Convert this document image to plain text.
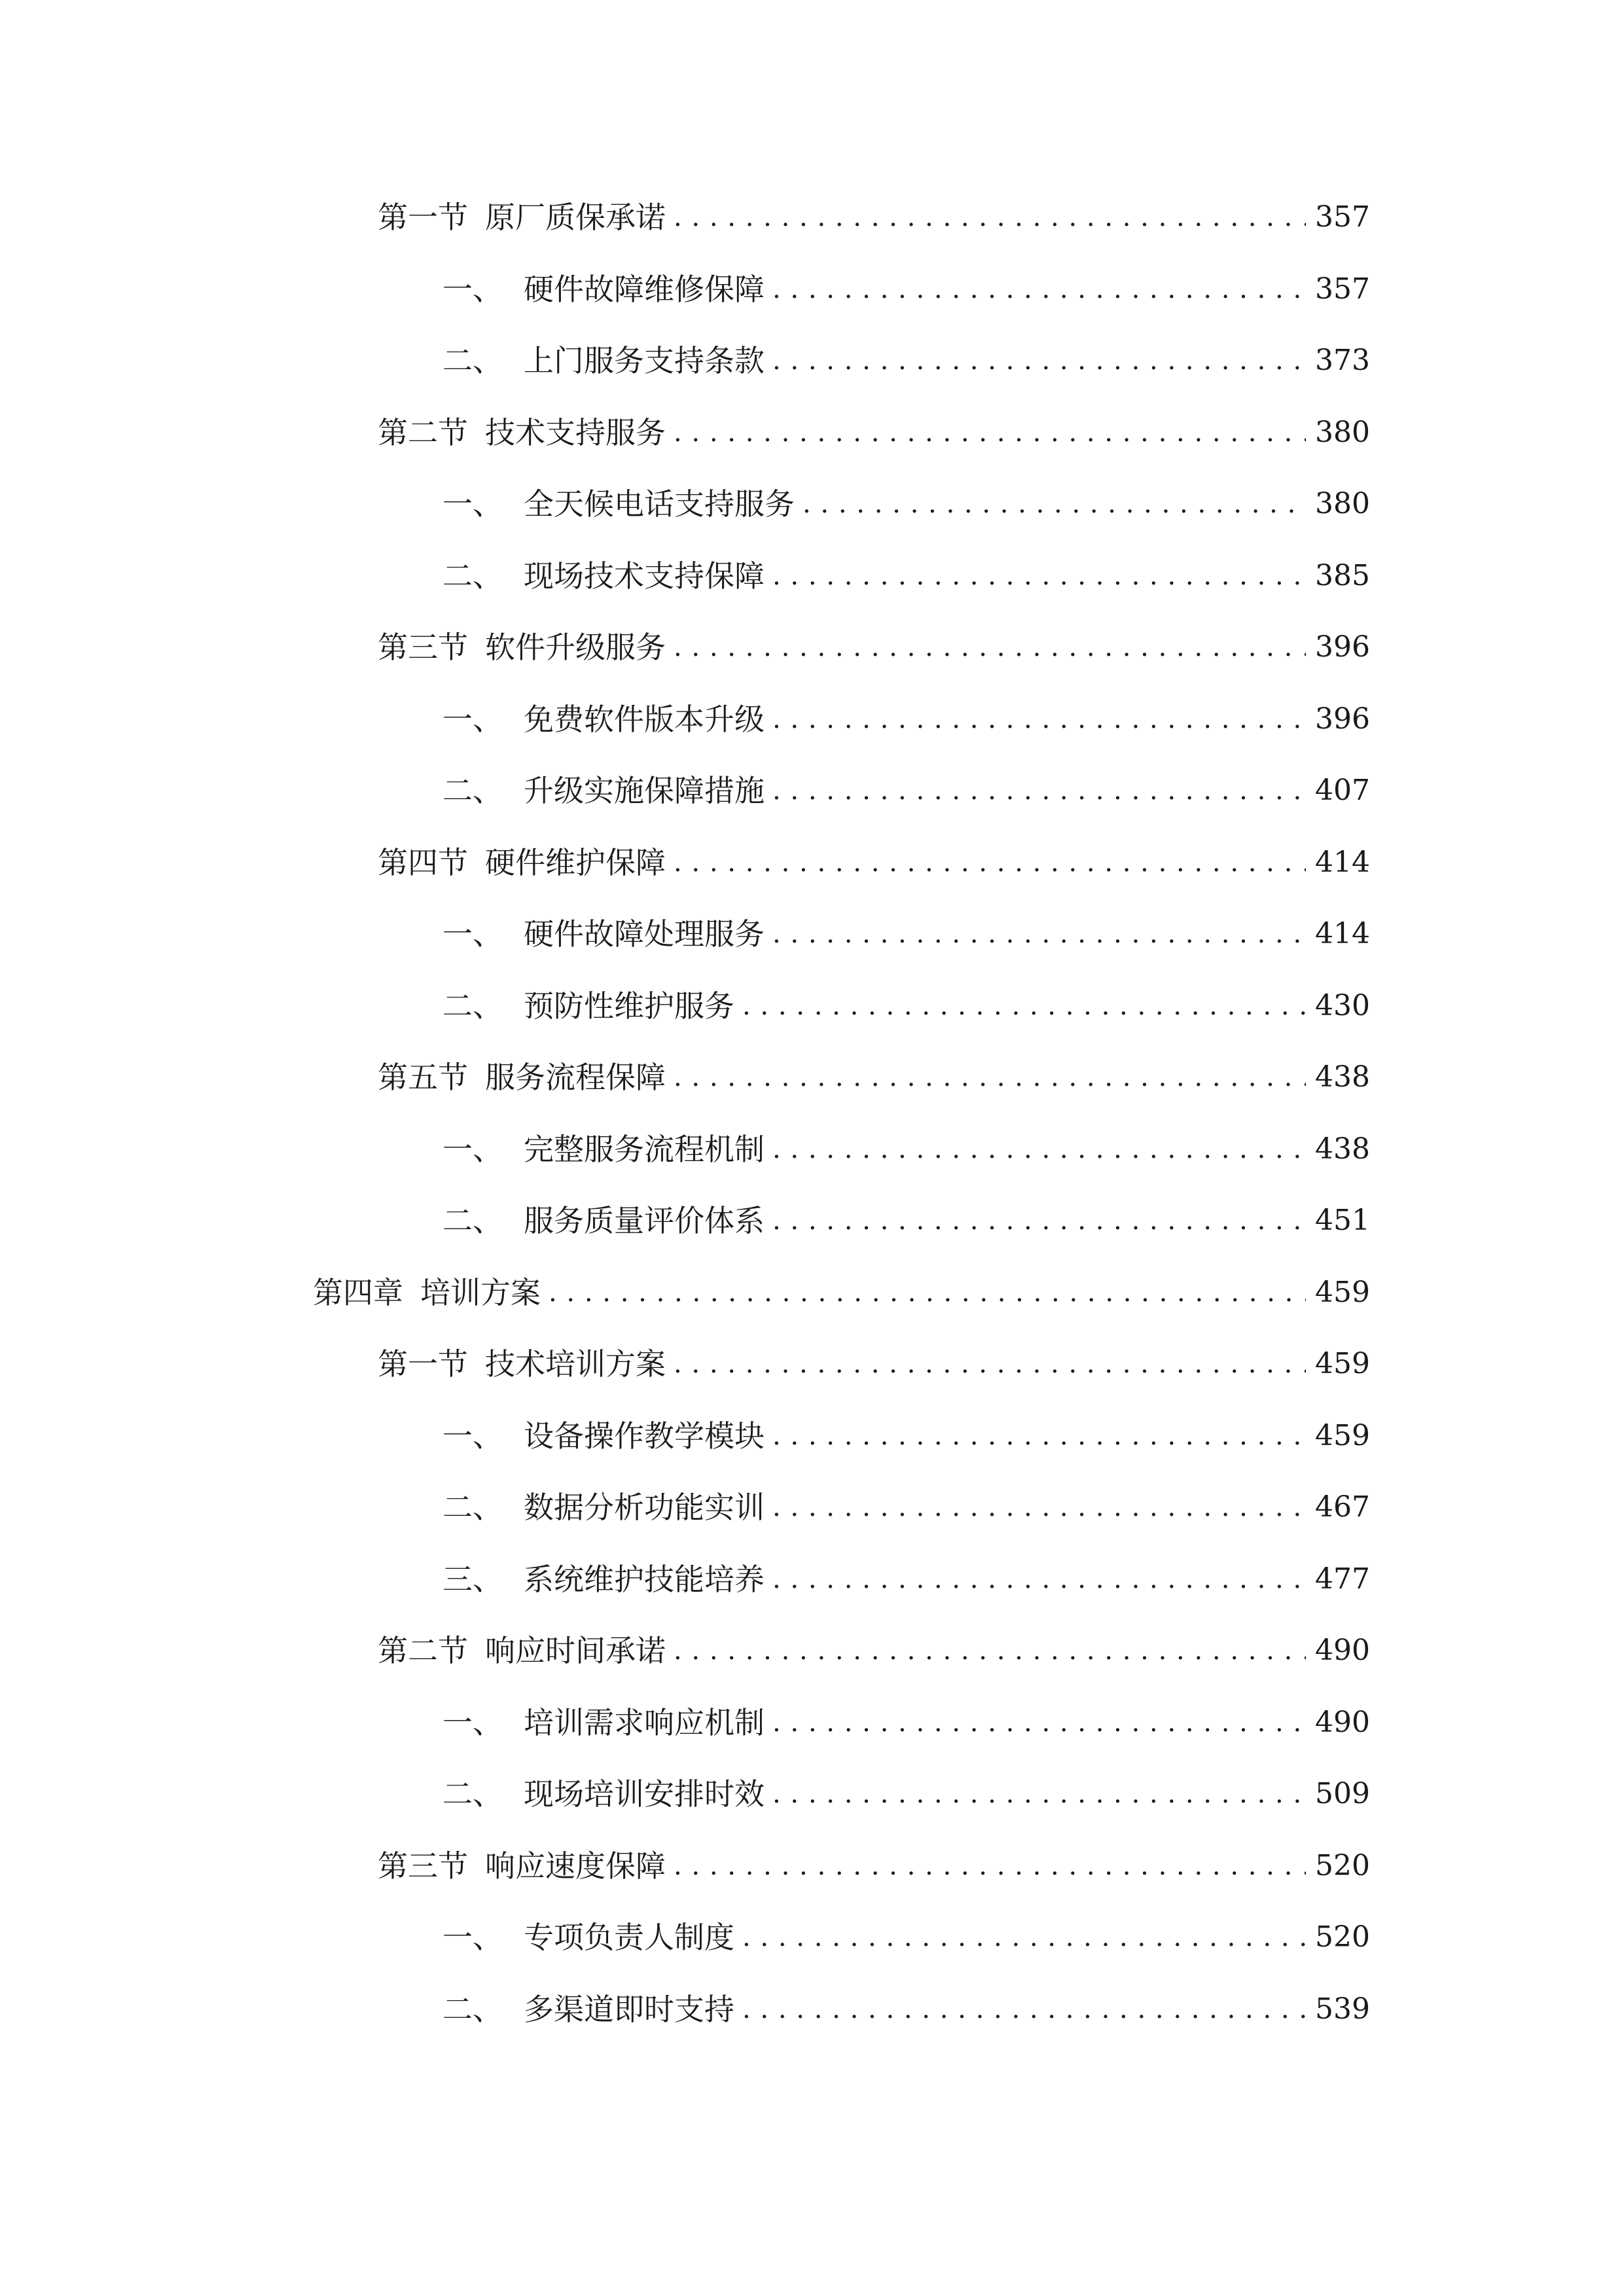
第一节 原厂质保承诺 . . .	357
一、 硬件故障维修保障 . . .	357
二、 上门服务支持条款 . . .	373
第二节 技术支持服务 . . .	380
一、 全天候电话支持服务 . . .	380
二、 现场技术支持保障 . . .	385
第三节 软件升级服务 . . .	396
一、 免费软件版本升级 . . .	396
二、 升级实施保障措施 . . .	407
第四节 硬件维护保障 . . .	414
一、 硬件故障处理服务 . . .	414
二、 预防性维护服务 . . .	430
第五节 服务流程保障 . . .	438
一、 完整服务流程机制 . . .	438
二、 服务质量评价体系 . . .	451
第四章 培训方案 . . .	459
第一节 技术培训方案 . . .	459
一、 设备操作教学模块 . . .	459
二、 数据分析功能实训 . . .	467
三、 系统维护技能培养 . . .	477
第二节 响应时间承诺 . . .	490
一、 培训需求响应机制 . . .	490
二、 现场培训安排时效 . . .	509
第三节 响应速度保障 . . .	520
一、 专项负责人制度 . . .	520
二、 多渠道即时支持 . . .	539
